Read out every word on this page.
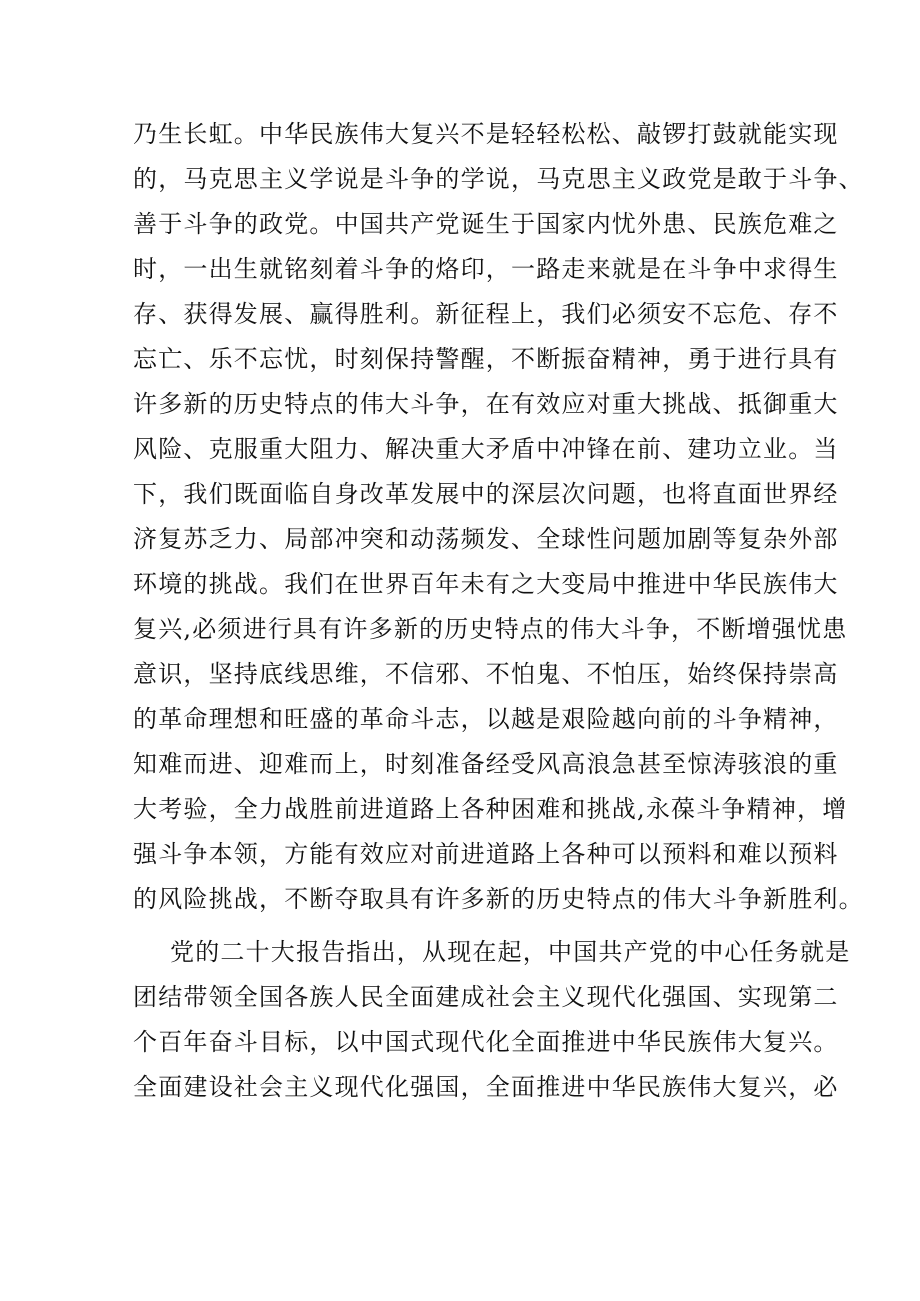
乃生长虹。中华民族伟大复兴不是轻轻松松、敲锣打鼓就能实现
的，马克思主义学说是斗争的学说，马克思主义政党是敢于斗争、
善于斗争的政党。中国共产党诞生于国家内忧外患、民族危难之
时，一出生就铭刻着斗争的烙印，一路走来就是在斗争中求得生
存、获得发展、赢得胜利。新征程上，我们必须安不忘危、存不
忘亡、乐不忘忧，时刻保持警醒，不断振奋精神，勇于进行具有
许多新的历史特点的伟大斗争，在有效应对重大挑战、抵御重大
风险、克服重大阻力、解决重大矛盾中冲锋在前、建功立业。当
下，我们既面临自身改革发展中的深层次问题，也将直面世界经
济复苏乏力、局部冲突和动荡频发、全球性问题加剧等复杂外部
环境的挑战。我们在世界百年未有之大变局中推进中华民族伟大
复兴,必须进行具有许多新的历史特点的伟大斗争，不断增强忧患
意识，坚持底线思维，不信邪、不怕鬼、不怕压，始终保持崇高
的革命理想和旺盛的革命斗志，以越是艰险越向前的斗争精神，
知难而进、迎难而上，时刻准备经受风高浪急甚至惊涛骇浪的重
大考验，全力战胜前进道路上各种困难和挑战,永葆斗争精神，增
强斗争本领，方能有效应对前进道路上各种可以预料和难以预料
的风险挑战，不断夺取具有许多新的历史特点的伟大斗争新胜利。
党的二十大报告指出，从现在起，中国共产党的中心任务就是
团结带领全国各族人民全面建成社会主义现代化强国、实现第二
个百年奋斗目标，以中国式现代化全面推进中华民族伟大复兴。
全面建设社会主义现代化强国，全面推进中华民族伟大复兴，必
